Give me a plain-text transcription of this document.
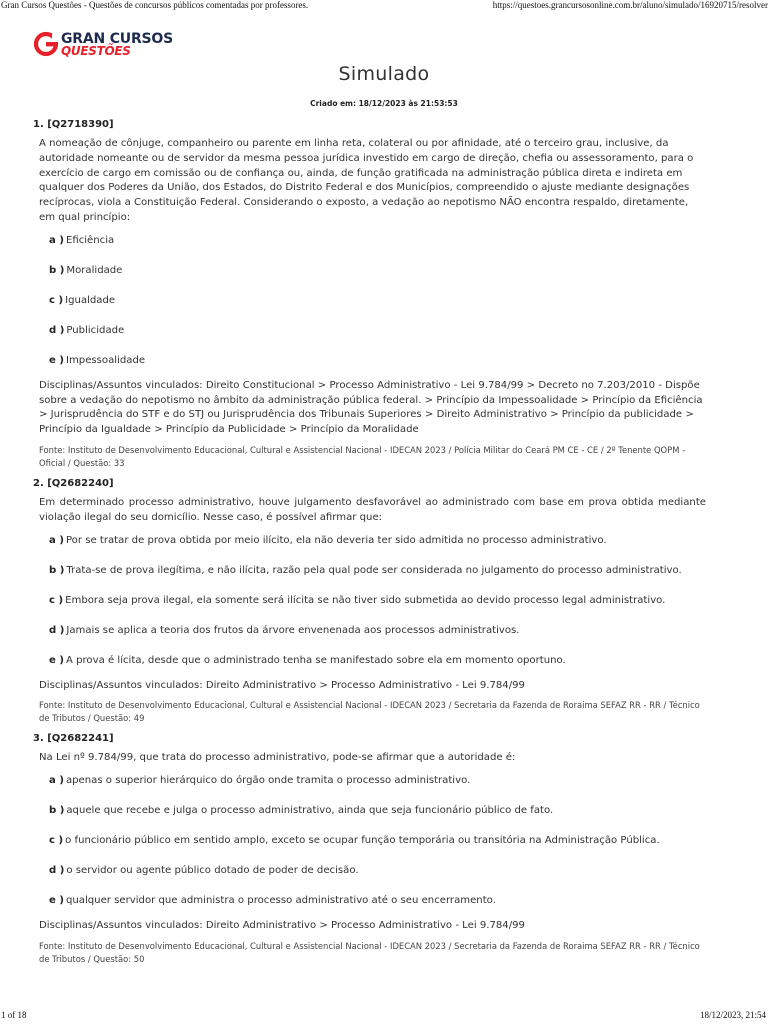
Gran Cursos Questões - Questões de concursos públicos comentadas por professores.	https://questoes.grancursosonline.com.br/aluno/simulado/16920715/resolver
GRAN CURSOS
QUESTÕES
Simulado
Criado em: 18/12/2023 às 21:53:53
1. [Q2718390]
A nomeação de cônjuge, companheiro ou parente em linha reta, colateral ou por afinidade, até o terceiro grau, inclusive, da autoridade nomeante ou de servidor da mesma pessoa jurídica investido em cargo de direção, chefia ou assessoramento, para o exercício de cargo em comissão ou de confiança ou, ainda, de função gratificada na administração pública direta e indireta em qualquer dos Poderes da União, dos Estados, do Distrito Federal e dos Municípios, compreendido o ajuste mediante designações recíprocas, viola a Constituição Federal. Considerando o exposto, a vedação ao nepotismo NÃO encontra respaldo, diretamente, em qual princípio:
a ) Eficiência
b ) Moralidade
c ) Igualdade
d ) Publicidade
e ) Impessoalidade
Disciplinas/Assuntos vinculados: Direito Constitucional > Processo Administrativo - Lei 9.784/99 > Decreto no 7.203/2010 - Dispõe sobre a vedação do nepotismo no âmbito da administração pública federal. > Princípio da Impessoalidade > Princípio da Eficiência > Jurisprudência do STF e do STJ ou Jurisprudência dos Tribunais Superiores > Direito Administrativo > Princípio da publicidade > Princípio da Igualdade > Princípio da Publicidade > Princípio da Moralidade
Fonte: Instituto de Desenvolvimento Educacional, Cultural e Assistencial Nacional - IDECAN 2023 / Polícia Militar do Ceará PM CE - CE / 2º Tenente QOPM - Oficial / Questão: 33
2. [Q2682240]
Em determinado processo administrativo, houve julgamento desfavorável ao administrado com base em prova obtida mediante violação ilegal do seu domicílio. Nesse caso, é possível afirmar que:
a ) Por se tratar de prova obtida por meio ilícito, ela não deveria ter sido admitida no processo administrativo.
b ) Trata-se de prova ilegítima, e não ilícita, razão pela qual pode ser considerada no julgamento do processo administrativo.
c ) Embora seja prova ilegal, ela somente será ilícita se não tiver sido submetida ao devido processo legal administrativo.
d ) Jamais se aplica a teoria dos frutos da árvore envenenada aos processos administrativos.
e ) A prova é lícita, desde que o administrado tenha se manifestado sobre ela em momento oportuno.
Disciplinas/Assuntos vinculados: Direito Administrativo > Processo Administrativo - Lei 9.784/99
Fonte: Instituto de Desenvolvimento Educacional, Cultural e Assistencial Nacional - IDECAN 2023 / Secretaria da Fazenda de Roraima SEFAZ RR - RR / Técnico de Tributos / Questão: 49
3. [Q2682241]
Na Lei nº 9.784/99, que trata do processo administrativo, pode-se afirmar que a autoridade é:
a ) apenas o superior hierárquico do órgão onde tramita o processo administrativo.
b ) aquele que recebe e julga o processo administrativo, ainda que seja funcionário público de fato.
c ) o funcionário público em sentido amplo, exceto se ocupar função temporária ou transitória na Administração Pública.
d ) o servidor ou agente público dotado de poder de decisão.
e ) qualquer servidor que administra o processo administrativo até o seu encerramento.
Disciplinas/Assuntos vinculados: Direito Administrativo > Processo Administrativo - Lei 9.784/99
Fonte: Instituto de Desenvolvimento Educacional, Cultural e Assistencial Nacional - IDECAN 2023 / Secretaria da Fazenda de Roraima SEFAZ RR - RR / Técnico de Tributos / Questão: 50
1 of 18	18/12/2023, 21:54
